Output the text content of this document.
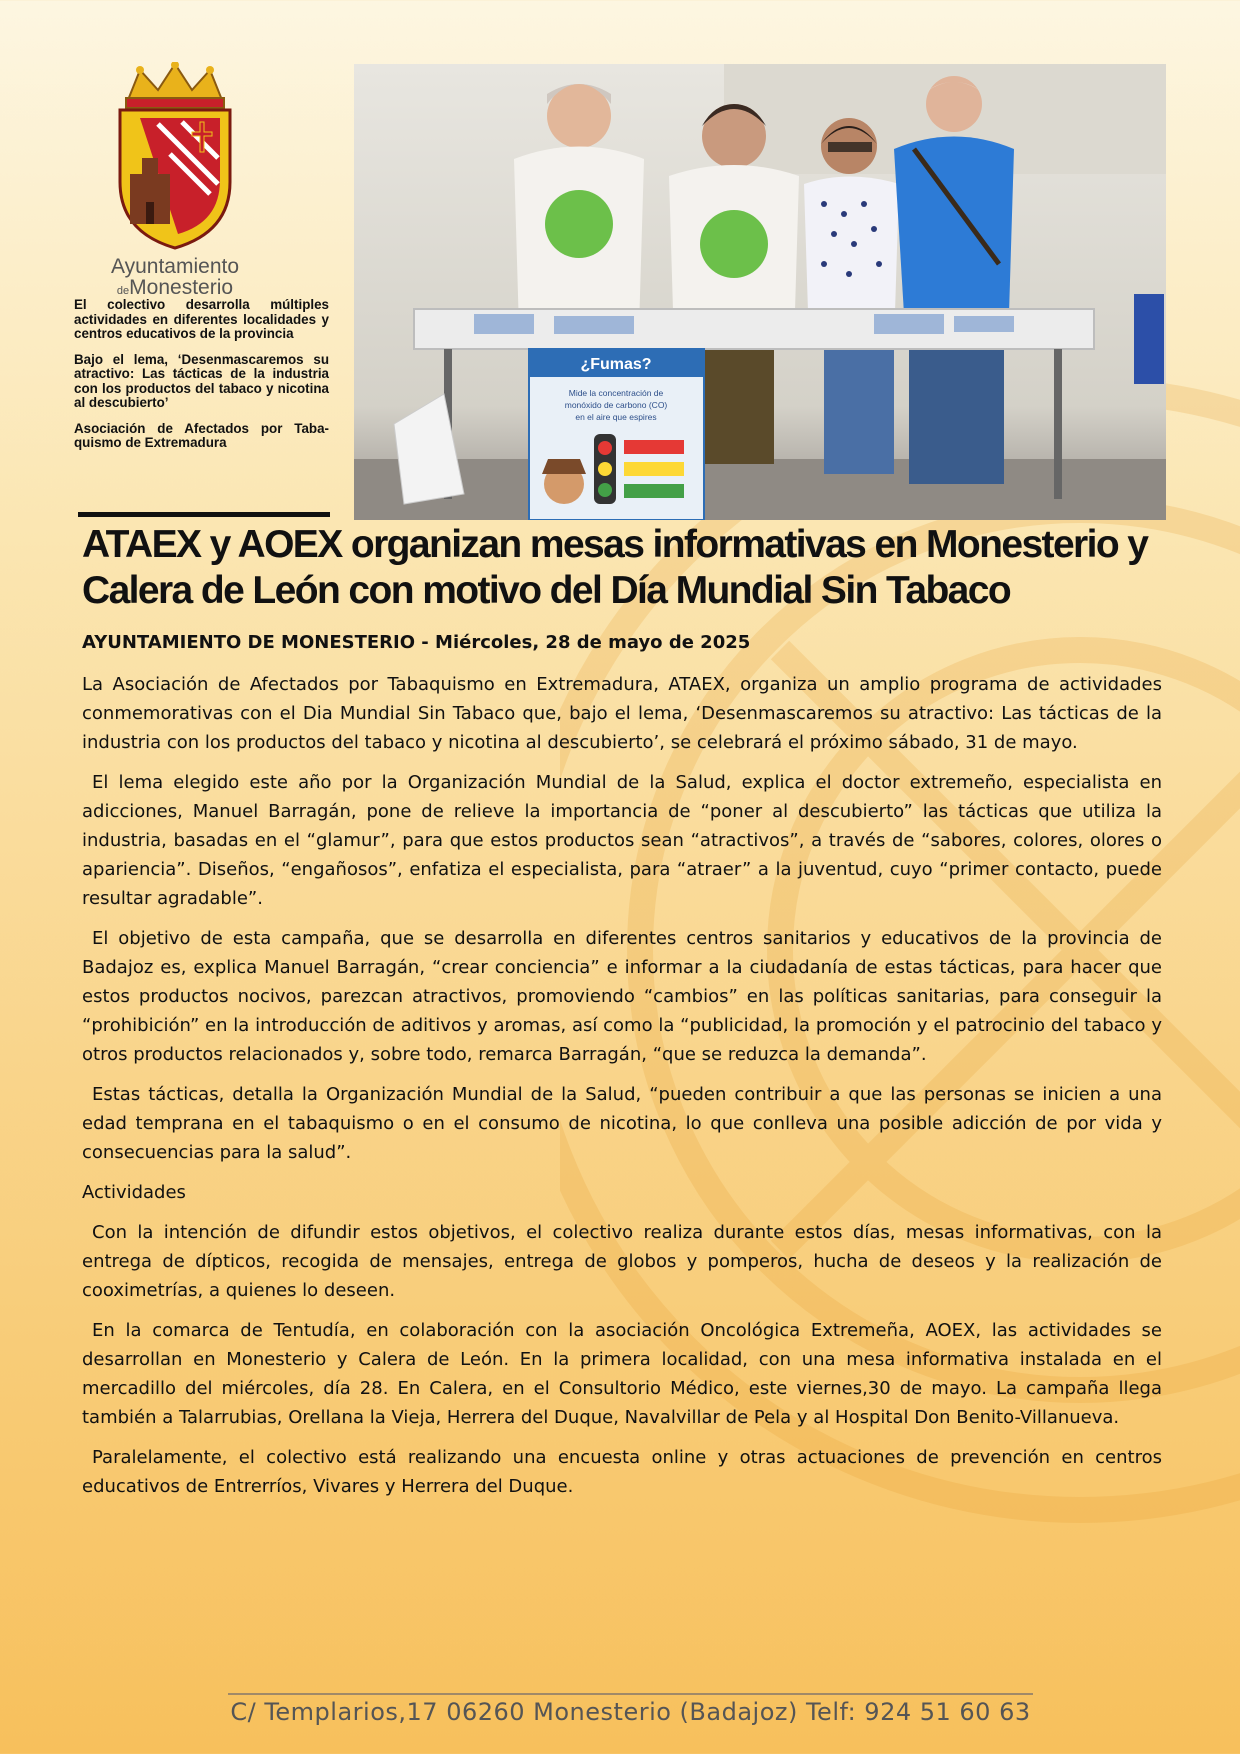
Ayuntamiento
deMonesterio

El colectivo desarrolla múltiples actividades en diferentes localidades y centros educativos de la provincia

Bajo el lema, ‘Desenmascaremos su atractivo: Las tácticas de la industria con los productos del tabaco y nicotina al descubierto’

Asociación de Afectados por Tabaquismo de Extremadura

¿Fumas?
Mide la concentración de
monóxido de carbono (CO)
en el aire que espires
ATAEX y AOEX organizan mesas informativas en Monesterio y Calera de León con motivo del Día Mundial Sin Tabaco

AYUNTAMIENTO DE MONESTERIO - Miércoles, 28 de mayo de 2025

La Asociación de Afectados por Tabaquismo en Extremadura, ATAEX, organiza un amplio programa de actividades conmemorativas con el Dia Mundial Sin Tabaco que, bajo el lema, ‘Desenmascaremos su atractivo: Las tácticas de la industria con los productos del tabaco y nicotina al descubierto’, se celebrará el próximo sábado, 31 de mayo.

El lema elegido este año por la Organización Mundial de la Salud, explica el doctor extremeño, especialista en adicciones, Manuel Barragán, pone de relieve la importancia de “poner al descubierto” las tácticas que utiliza la industria, basadas en el “glamur”, para que estos productos sean “atractivos”, a través de “sabores, colores, olores o apariencia”. Diseños, “engañosos”, enfatiza el especialista, para “atraer” a la juventud, cuyo “primer contacto, puede resultar agradable”.

El objetivo de esta campaña, que se desarrolla en diferentes centros sanitarios y educativos de la provincia de Badajoz es, explica Manuel Barragán, “crear conciencia” e informar a la ciudadanía de estas tácticas, para hacer que estos productos nocivos, parezcan atractivos, promoviendo “cambios” en las políticas sanitarias, para conseguir la “prohibición” en la introducción de aditivos y aromas, así como la “publicidad, la promoción y el patrocinio del tabaco y otros productos relacionados y, sobre todo, remarca Barragán, “que se reduzca la demanda”.

Estas tácticas, detalla la Organización Mundial de la Salud, “pueden contribuir a que las personas se inicien a una edad temprana en el tabaquismo o en el consumo de nicotina, lo que conlleva una posible adicción de por vida y consecuencias para la salud”.

Actividades

Con la intención de difundir estos objetivos, el colectivo realiza durante estos días, mesas informativas, con la entrega de dípticos, recogida de mensajes, entrega de globos y pomperos, hucha de deseos y la realización de cooximetrías, a quienes lo deseen.

En la comarca de Tentudía, en colaboración con la asociación Oncológica Extremeña, AOEX, las actividades se desarrollan en Monesterio y Calera de León. En la primera localidad, con una mesa informativa instalada en el mercadillo del miércoles, día 28. En Calera, en el Consultorio Médico, este viernes,30 de mayo. La campaña llega también a Talarrubias, Orellana la Vieja, Herrera del Duque, Navalvillar de Pela y al Hospital Don Benito-Villanueva.

Paralelamente, el colectivo está realizando una encuesta online y otras actuaciones de prevención en centros educativos de Entrerríos, Vivares y Herrera del Duque.

C/ Templarios,17 06260 Monesterio (Badajoz) Telf: 924 51 60 63
